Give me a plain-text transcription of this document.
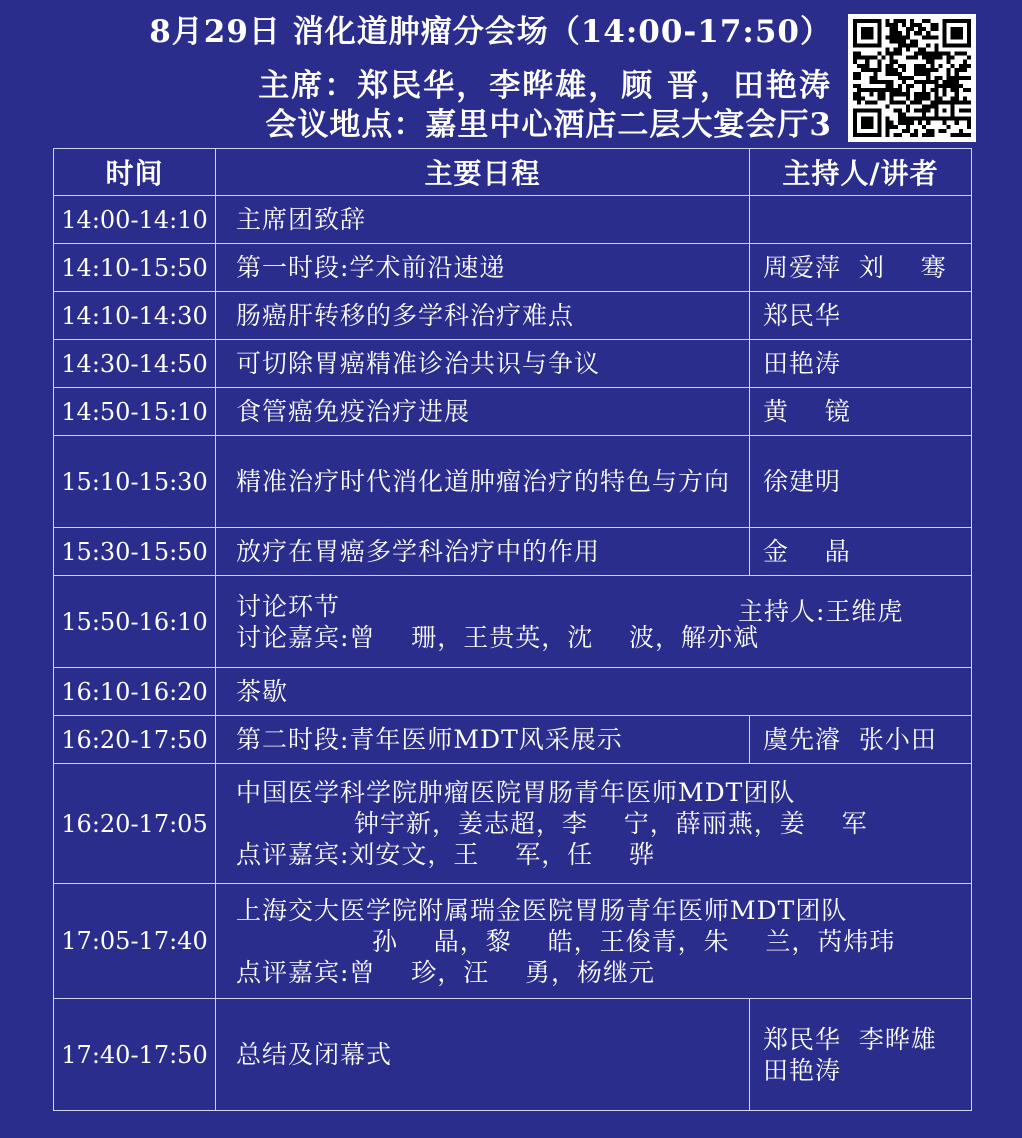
8月29日 消化道肿瘤分会场（14:00-17:50）
主席：郑民华，李晔雄，顾 晋，田艳涛
会议地点：嘉里中心酒店二层大宴会厅3
时间	主要日程	主持人/讲者
14:00-14:10	主席团致辞	
14:10-15:50	第一时段:学术前沿速递	周爱萍  刘    骞
14:10-14:30	肠癌肝转移的多学科治疗难点	郑民华
14:30-14:50	可切除胃癌精准诊治共识与争议	田艳涛
14:50-15:10	食管癌免疫治疗进展	黄    镜
15:10-15:30	精准治疗时代消化道肿瘤治疗的特色与方向	徐建明
15:30-15:50	放疗在胃癌多学科治疗中的作用	金    晶
15:50-16:10	讨论环节
讨论嘉宾:曾    珊，王贵英，沈    波，解亦斌
主持人:王维虎	

16:10-16:20	茶歇	
16:20-17:50	第二时段:青年医师MDT风采展示	虞先濬  张小田
16:20-17:05	中国医学科学院肿瘤医院胃肠青年医师MDT团队
钟宇新，姜志超，李    宁，薛丽燕，姜    军
点评嘉宾:刘安文，王    军，任    骅	

17:05-17:40	上海交大医学院附属瑞金医院胃肠青年医师MDT团队
孙    晶，黎    皓，王俊青，朱    兰，芮炜玮
点评嘉宾:曾    珍，汪    勇，杨继元	

17:40-17:50	总结及闭幕式	郑民华  李晔雄
田艳涛
